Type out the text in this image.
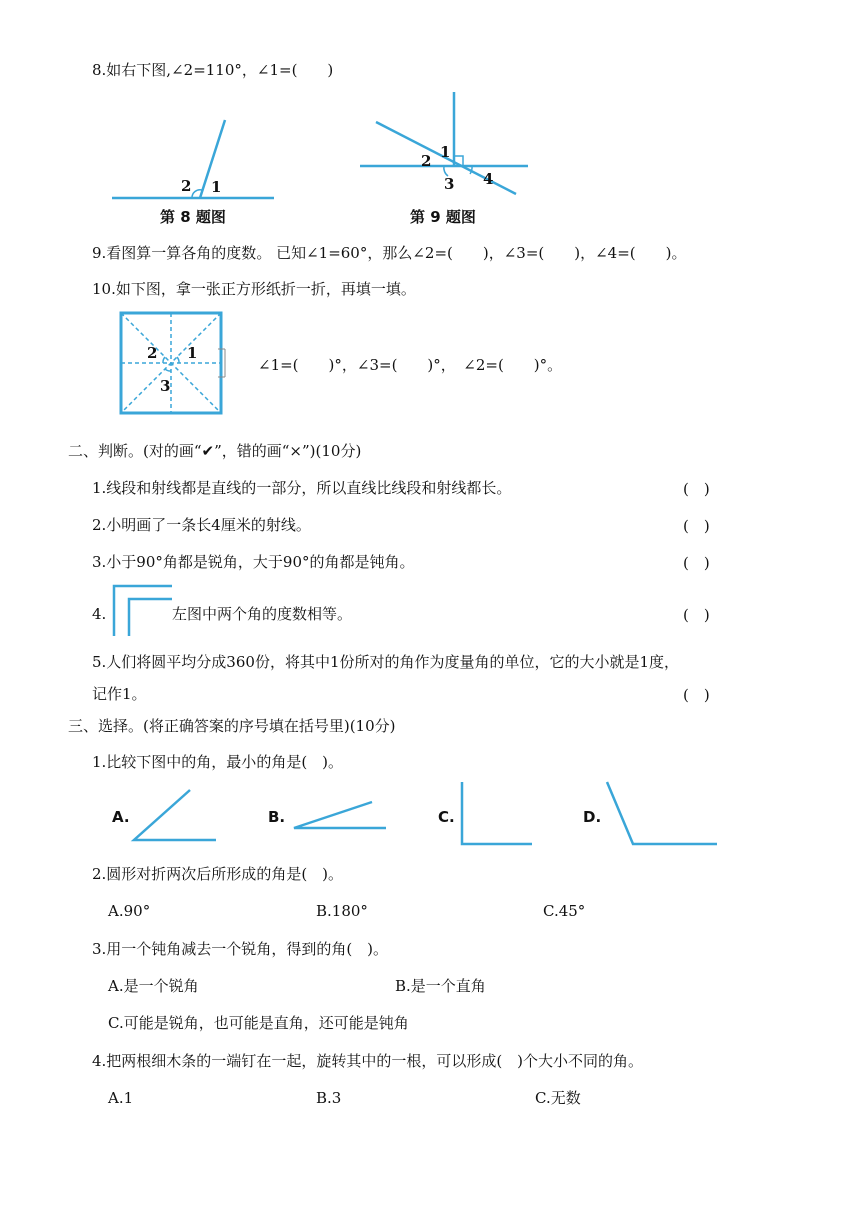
8.如右下图,∠2=110°，∠1=(　　)
2 1
第 8 题图
1
2
3 4
第 9 题图
9.看图算一算各角的度数。 已知∠1=60°，那么∠2=(　　)，∠3=(　　)，∠4=(　　)。
10.如下图，拿一张正方形纸折一折，再填一填。
2 1
3
∠1=(　　)°，∠3=(　　)°，　∠2=(　　)°。
二、判断。(对的画“✔”，错的画“×”)(10分)
1.线段和射线都是直线的一部分，所以直线比线段和射线都长。	(　)
2.小明画了一条长4厘米的射线。	(　)
3.小于90°角都是锐角，大于90°的角都是钝角。	(　)
4.	左图中两个角的度数相等。	(　)
5.人们将圆平均分成360份，将其中1份所对的角作为度量角的单位，它的大小就是1度，
记作1。	(　)
三、选择。(将正确答案的序号填在括号里)(10分)
1.比较下图中的角，最小的角是(　)。
A.	B.	C.	D.
2.圆形对折两次后所形成的角是(　)。
A.90°	B.180°	C.45°
3.用一个钝角减去一个锐角，得到的角(　)。
A.是一个锐角	B.是一个直角
C.可能是锐角，也可能是直角，还可能是钝角
4.把两根细木条的一端钉在一起，旋转其中的一根，可以形成(　)个大小不同的角。
A.1	B.3	C.无数
